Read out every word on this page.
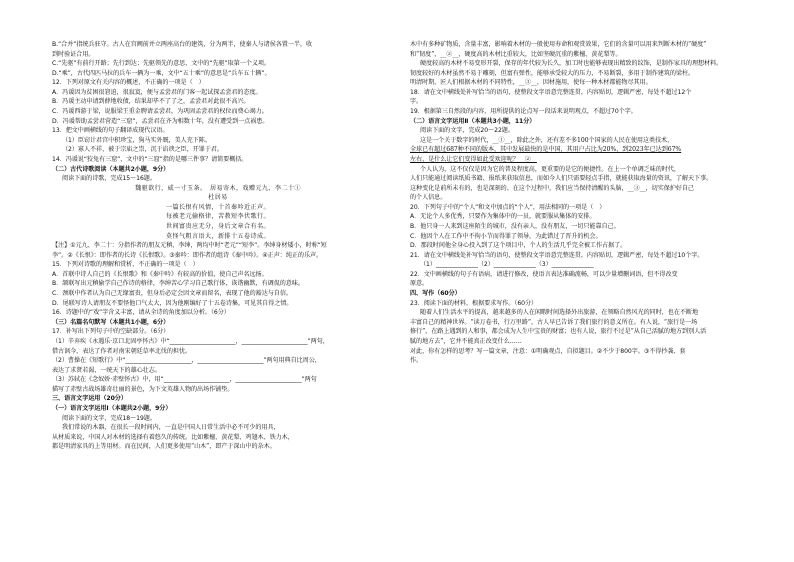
B.“合并”指统兵驻守。古人在宫阙前并立两座高台的建筑，分为两半，使秦人与诸侯各置一半，收
到时验证合用。
C.“先驱”有前行开路；先行到达；先驱领先的意思，文中的“先驱”取第一个义项。
D.“乘”，古代四匹马拉的兵车一辆为一乘，文中“五十乘”的意思是“兵车五十辆”。
12．下列对原文有关内容的概述，不正确的一项是（　）
A．冯谖因为贫困很窘迫，很寂寞，便与孟尝君的门客一起试探孟尝君的态度。
B．冯谖主动申请到薛地收债，结果却毕不了了之，孟尝君对此很不高兴。
C．冯谖西游于梁，说服梁王重金聘请孟尝君，为巩固孟尝君的权位而费心竭力。
D．冯谖帮助孟尝君营造“三窟”，孟尝君在齐为相数十年，没有遭受到一点祸患。
13．把文中画横线的句子翻译成现代汉语。
（1）臣窃计君宫中积珍宝，狗马实外厩，美人充下陈。
（2）寡人不祥，被于宗庙之祟，沉于谄谀之臣，开罪于君。
14．冯谖说“狡兔有三窟”，文中的“三窟”指的是哪三件事？请简要概括。
（二）古代诗歌阅读（本题共2小题，9分）
阅读下面的诗歌，完成15～16题。
魏驱欲行，威一寸玉条。　居易寄木，戏赠元九、李二十①
杜居易
一篇长恨有风情，十首秦吟近正声。
每被老元偷格律，苦教短李伏歌行。
世间富贵应无分，身后文章合有名。
莫怪气粗言语大，新排十五卷诗成。
【注】①元九、李二十：分指作者的朋友元稹、李绅，两均中时“老元”“短李”。李绅身材矮小，时称“短
李”。②《长恨》：即作者的长诗《长恨歌》。③秦吟：即作者的组诗《秦中吟》。④正声：纯正的乐声。
15．下列对诗歌的理解和赏析，不正确的一项是（　）
A．首联中诗人自己的《长恨歌》和《秦中吟》有较高的价值，使自己声名远扬。
B．颔联写出元稹偷学自己作诗的格律，李绅苦心学习自己歌行体，诙谐幽默，有调侃的意味。
C．颈联中作者认为自己无缘富贵，但身后必定会因文章而留名，表现了他的豁达与自信。
D．尾联写诗人请朋友不要怪他口气太大，因为他刚编好了十五卷诗集，可见其自得之情。
16．诗题中的“戏”字含义丰富，请从全诗的角度加以分析。（6分）
（三）名篇名句默写（本题共1小题，6分）
17．补写出下列句子中的空缺部分。（6分）
（1）辛弃疾《永遇乐·京口北固亭怀古》中“______________________，______________________”两句，
借古讽今，表达了作者对南宋朝廷草率北伐的担忧。
（2）曹操在《短歌行》中“______________________，______________________”两句用典自比周公，
表达了求贤若渴、一统天下的雄心壮志。
（3）苏轼在《念奴娇·赤壁怀古》中，用“______________________，______________________”两句
描写了赤壁古战场雄奇壮丽的景色，为下文英雄人物的出场作铺垫。
三、语言文字运用（20分）
（一）语言文字运用Ⅰ（本题共2小题，9分）
阅读下面的文字，完成18～19题。
我们常说的木器，在很长一段时间内，一直是中国人日常生活中必不可少的用具，
从材质来说，中国人对木材的选择有着悠久的传统。比如紫檀、黄花梨、鸡翅木、铁力木，
都是明清家具的上等用材。而在民间，人们更多使用“山木”，即产于深山中的杂木。
木中有多种矿物质，含量丰富，影响着木材的一般使用寿命和观赏效果，它们的含量可以用来判断木材的“硬度”
和“韧度”，__②__，硬度高的木材比重较大，比如坚硬沉重的紫檀、黄花梨等。
硬度较高的木材不易变形开裂，保存的年代较为长久，加工时也能够表现出精致的纹饰，是制作家具的理想材料。
韧度较好的木材虽然不易于雕刻，但富有弹性，能够承受较大的压力，不易断裂，多用于制作建筑的梁柱。
明清时期，匠人们根据木材的不同特性，__③__，因材施用，使每一种木材都能物尽其用。
18．请在文中横线处补写恰当的语句，使整段文字语意完整连贯，内容贴切，逻辑严密，每处不超过12个
字。
19．根据第三自然段的内容，用所提供的论点写一段话来说明观点，不超过70个字。
（二）语言文字运用Ⅱ（本题共3小题，11分）
阅读下面的文字，完成20～22题。
这是一个关于数字的时代，__①__，除此之外，还有差不多100个国家的人民在使用这类技术，
全球已有超过687种不同的版本，其中发展最快的是中国，其用户占比为20%，到2023年已达到67%
左右，是什么让它们变得如此受欢迎呢？__②__
个人认为，这不仅仅是因为它的普及程度高，更重要的是它的便捷性。在上一个单调乏味的时代，
人们只能通过阅读纸质书籍、报纸来获取信息，而如今人们只需要轻点手指，就能获取海量的资讯，了解天下事。
这种变化是前所未有的，也是深刻的。在这个过程中，我们应当保持清醒的头脑，__③__，切实保护好自己
的个人信息。
20．下列句子中的“个人”和文中加点的“个人”，用法相同的一项是（　）
A．无论个人多优秀，只要作为集体中的一员，就要服从集体的安排。
B．他只身一人来到这座陌生的城市，没有亲人，没有朋友，一切只能靠自己。
C．他因个人在工作中不拘小节而得罪了领导，为此错过了晋升的机会。
D．那段时间他全身心投入到了这个项目中，个人的生活几乎完全被工作占据了。
21．请在文中横线处补写恰当的语句，使整段文字语意完整连贯，内容贴切，逻辑严密，每处不超过10个字。
（1）______________（2）______________（3）______________
22．文中画横线的句子有语病，请进行修改，使语言表达准确流畅，可以少量增删词语，但不得改变
原意。
四、写作（60分）
23．阅读下面的材料，根据要求写作。（60分）
随着人们生活水平的提高，越来越多的人在闲暇时间选择外出旅游，在领略自然风光的同时，也在不断地
丰富自己的精神世界。“读万卷书，行万里路”，古人早已告诉了我们旅行的意义所在。有人说，“旅行是一场
修行”，在路上遇到的人和事，都会成为人生中宝贵的财富；也有人说，旅行不过是“从自己活腻的地方到别人活
腻的地方去”，它并不能真正改变什么……
对此，你有怎样的思考？写一篇文章，注意：①明确观点，自拟题目。②不少于800字。③不得抄袭、套
作。
